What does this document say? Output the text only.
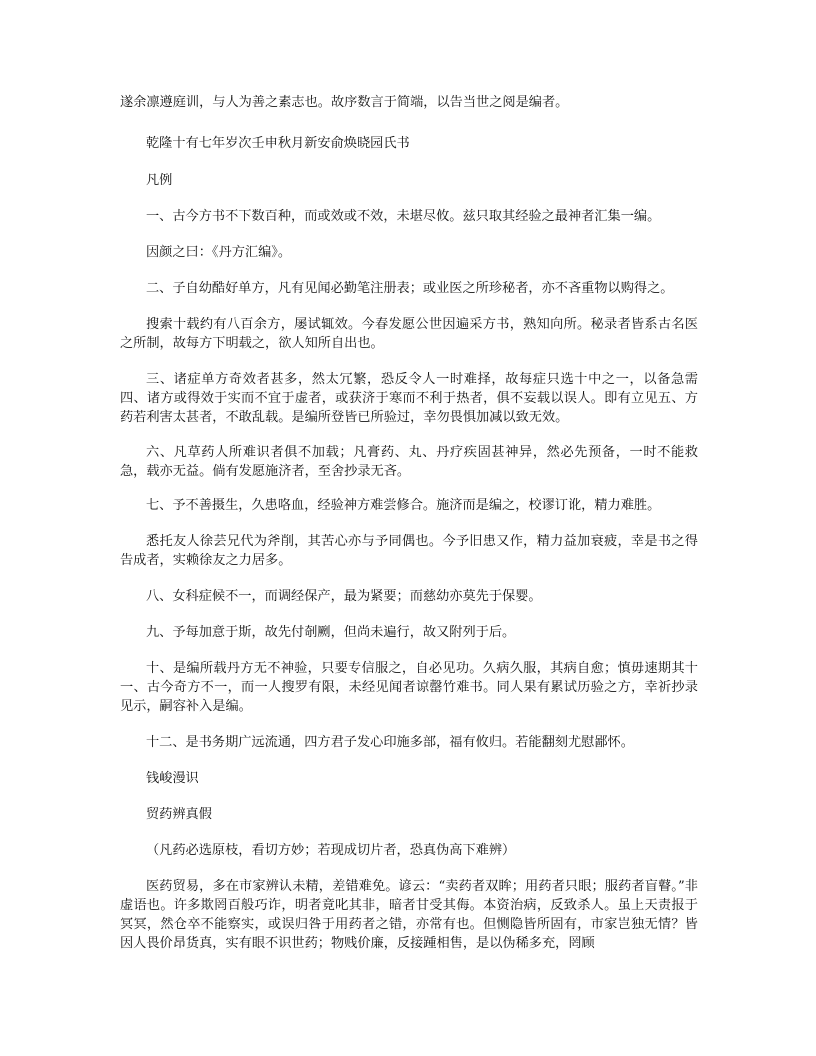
遂余凛遵庭训，与人为善之素志也。故序数言于简端，以告当世之阅是编者。

乾隆十有七年岁次壬申秋月新安俞焕晓园氏书

凡例

一、古今方书不下数百种，而或效或不效，未堪尽攸。兹只取其经验之最神者汇集一编。

因颜之曰：《丹方汇编》。

二、子自幼酷好单方，凡有见闻必勤笔注册表；或业医之所珍秘者，亦不吝重物以购得之。

搜索十载约有八百余方，屡试辄效。今春发愿公世因遍采方书，熟知向所。秘录者皆系古名医之所制，故每方下明载之，欲人知所自出也。

三、诸症单方奇效者甚多，然太冗繁，恐反令人一时难择，故每症只选十中之一，以备急需四、诸方或得效于实而不宜于虚者，或获济于寒而不利于热者，俱不妄载以误人。即有立见五、方药若利害太甚者，不敢乱载。是编所登皆已所验过，幸勿畏惧加减以致无效。

六、凡草药人所难识者俱不加载；凡膏药、丸、丹疗疾固甚神异，然必先预备，一时不能救急，载亦无益。倘有发愿施济者，至舍抄录无吝。

七、予不善摄生，久患咯血，经验神方难尝修合。施济而是编之，校谬订讹，精力难胜。

悉托友人徐芸兄代为斧削，其苦心亦与予同偶也。今予旧患又作，精力益加衰疲，幸是书之得告成者，实赖徐友之力居多。

八、女科症候不一，而调经保产，最为紧要；而慈幼亦莫先于保婴。

九、予每加意于斯，故先付剞劂，但尚未遍行，故又附列于后。

十、是编所载丹方无不神验，只要专信服之，自必见功。久病久服，其病自愈；慎毋速期其十一、古今奇方不一，而一人搜罗有限，未经见闻者谅罄竹难书。同人果有累试历验之方，幸祈抄录见示，嗣容补入是编。

十二、是书务期广远流通，四方君子发心印施多部，福有攸归。若能翻刻尤慰鄙怀。

钱峻漫识

贸药辨真假

（凡药必选原枝，看切方妙；若现成切片者，恐真伪高下难辨）

医药贸易，多在市家辨认未精，差错难免。谚云：“卖药者双眸；用药者只眼；服药者盲瞽。”非虚语也。许多欺罔百般巧诈，明者竟叱其非，暗者甘受其侮。本资治病，反致杀人。虽上天责报于冥冥，然仓卒不能察实，或误归咎于用药者之错，亦常有也。但恻隐皆所固有，市家岂独无情？皆因人畏价昂货真，实有眼不识世药；物贱价廉，反接踵相售，是以伪稀多充，罔顾
